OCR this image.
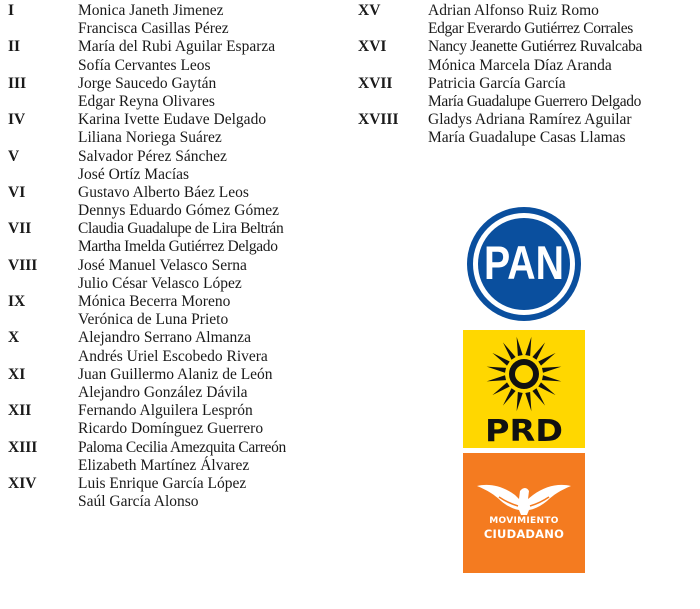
I	Monica Janeth Jimenez
Francisca Casillas Pérez
II	María del Rubi Aguilar Esparza
Sofía Cervantes Leos
III	Jorge Saucedo Gaytán
Edgar Reyna Olivares
IV	Karina Ivette Eudave Delgado
Liliana Noriega Suárez
V	Salvador Pérez Sánchez
José Ortíz Macías
VI	Gustavo Alberto Báez Leos
Dennys Eduardo Gómez Gómez
VII	Claudia Guadalupe de Lira Beltrán
Martha Imelda Gutiérrez Delgado
VIII	José Manuel Velasco Serna
Julio César Velasco López
IX	Mónica Becerra Moreno
Verónica de Luna Prieto
X	Alejandro Serrano Almanza
Andrés Uriel Escobedo Rivera
XI	Juan Guillermo Alaniz de León
Alejandro González Dávila
XII	Fernando Alguilera Lesprón
Ricardo Domínguez Guerrero
XIII	Paloma Cecilia Amezquita Carreón
Elizabeth Martínez Álvarez
XIV	Luis Enrique García López
Saúl García Alonso
XV	Adrian Alfonso Ruiz Romo
Edgar Everardo Gutiérrez Corrales
XVI	Nancy Jeanette Gutiérrez Ruvalcaba
Mónica Marcela Díaz Aranda
XVII	Patricia García García
María Guadalupe Guerrero Delgado
XVIII	Gladys Adriana Ramírez Aguilar
María Guadalupe Casas Llamas
PAN
PRD
MOVIMIENTO
CIUDADANO
